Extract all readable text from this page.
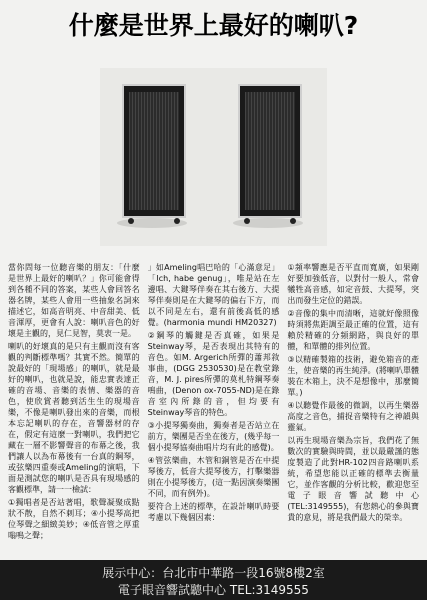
什麼是世界上最好的喇叭?

當你問每一位聽音樂的朋友：「什麼是世界上最好的喇叭？」你可能會得到各種不同的答案，某些人會回答名器名牌，某些人會用一些抽象名詞來描述它，如高音明亮、中音甜美、低音渾厚，更會有人說：喇叭音色的好壞是主觀的，見仁見智，莫衷一是。

喇叭的好壞真的是只有主觀而沒有客觀的判斷標準嗎？其實不然。簡單的說最好的「現場感」的喇叭，就是最好的喇叭，也就是說，能忠實表達正確的音場、音樂的表情、樂器的音色，使欣賞者聽到活生生的現場音樂，不像是喇叭發出來的音樂，而根本忘記喇叭的存在，音響器材的存在，假定有這麼一對喇叭，我們把它藏在一層不影響聲音的布幕之後，我們讓人以為布幕後有一台真的鋼琴，或弦樂四重奏或Ameling的演唱，下面是測試您的喇叭是否具有現場感的客觀標準，請一一檢試：

①獨唱者是否站著唱，歌聲凝聚成點狀不散，自然不刺耳；④小提琴高把位琴聲之細緻美妙；④低音管之厚重嗡鳴之聲；

」如Ameling唱巴哈的「心滿意足」「Ich, habe genug」，唯是站在左邊唱、大鍵琴伴奏在其右後方、大提琴伴奏則是在大鍵琴的偏右下方，而以不同是左右，還有前後高低的感覺。(harmonia mundi HM20327)

②鋼琴的觸鍵是否真確，如果是Steinway琴，是否表現出其特有的音色。如M. Argerich所彈的蕭邦敘事曲，(DGG 2530530)是在教堂錄音，M. J. pires所彈的莫札特鋼琴奏鳴曲，(Denon ox-7055-ND)是在錄音室內所錄的音，但均要有Steinway琴音的特色。

③小提琴獨奏曲，獨奏者是否站立在前方，樂團是否坐在後方，(幾乎每一個小提琴協奏曲唱片均有此的感覺)。

④管弦樂曲，木管和銅管是否在中提琴後方，低音大提琴後方，打擊樂器則在小提琴後方，(這一點因演奏樂團不同，而有例外)。

要符合上述的標準，在設計喇叭時要考慮以下幾個因素：

①頻率響應是否平直而寬廣，如果剛好要加強低音，以對付一般人，常會犧牲高音感，如定音鼓、大提琴，突出而發生定位的錯誤。

②音像的集中而清晰，這就好像照像時須將焦距調至最正確的位置，這有賴於精確的分頻網路，與良好的單體，和單體的排列位置。

③以精確製箱的技術，避免箱音的產生，使音樂的再生純淨。(將喇叭單體裝在木箱上，決不是想像中，那麼簡單。)

④以聽覺作最後的微調，以再生樂器高度之音色，捕捉音樂特有之神韻與靈氣。

以再生現場音樂為宗旨，我們花了無數次的實驗與時間，並以最嚴謹的態度製造了此對HR-102四音路喇叭系統，希望您能以正確的標準去衡量它，並作客觀的分析比較，歡迎您至電子眼音響試聽中心(TEL:3149555)，有您熱心的參與寶貴的意見，將是我們最大的榮幸。

展示中心：台北市中華路一段16號8樓2室
電子眼音響試聽中心 TEL:3149555
